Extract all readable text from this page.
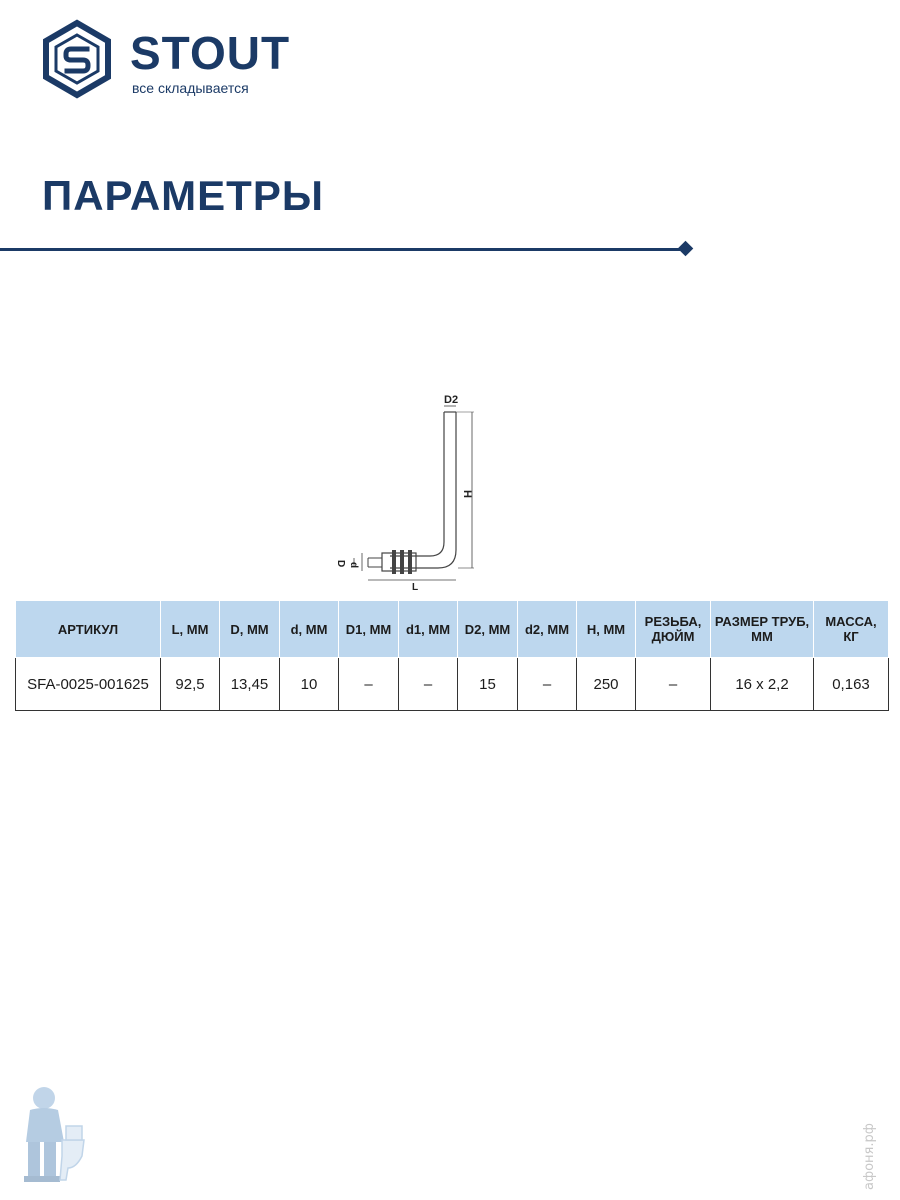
STOUT
все складывается
ПАРАМЕТРЫ
D2
H
D d
L
АРТИКУЛ	L, ММ	D, ММ	d, ММ	D1, ММ	d1, ММ	D2, ММ	d2, ММ	H, ММ	РЕЗЬБА, ДЮЙМ	РАЗМЕР ТРУБ, ММ	МАССА, КГ
SFA-0025-001625	92,5	13,45	10	–	–	15	–	250	–	16 x 2,2	0,163
афоня.рф
